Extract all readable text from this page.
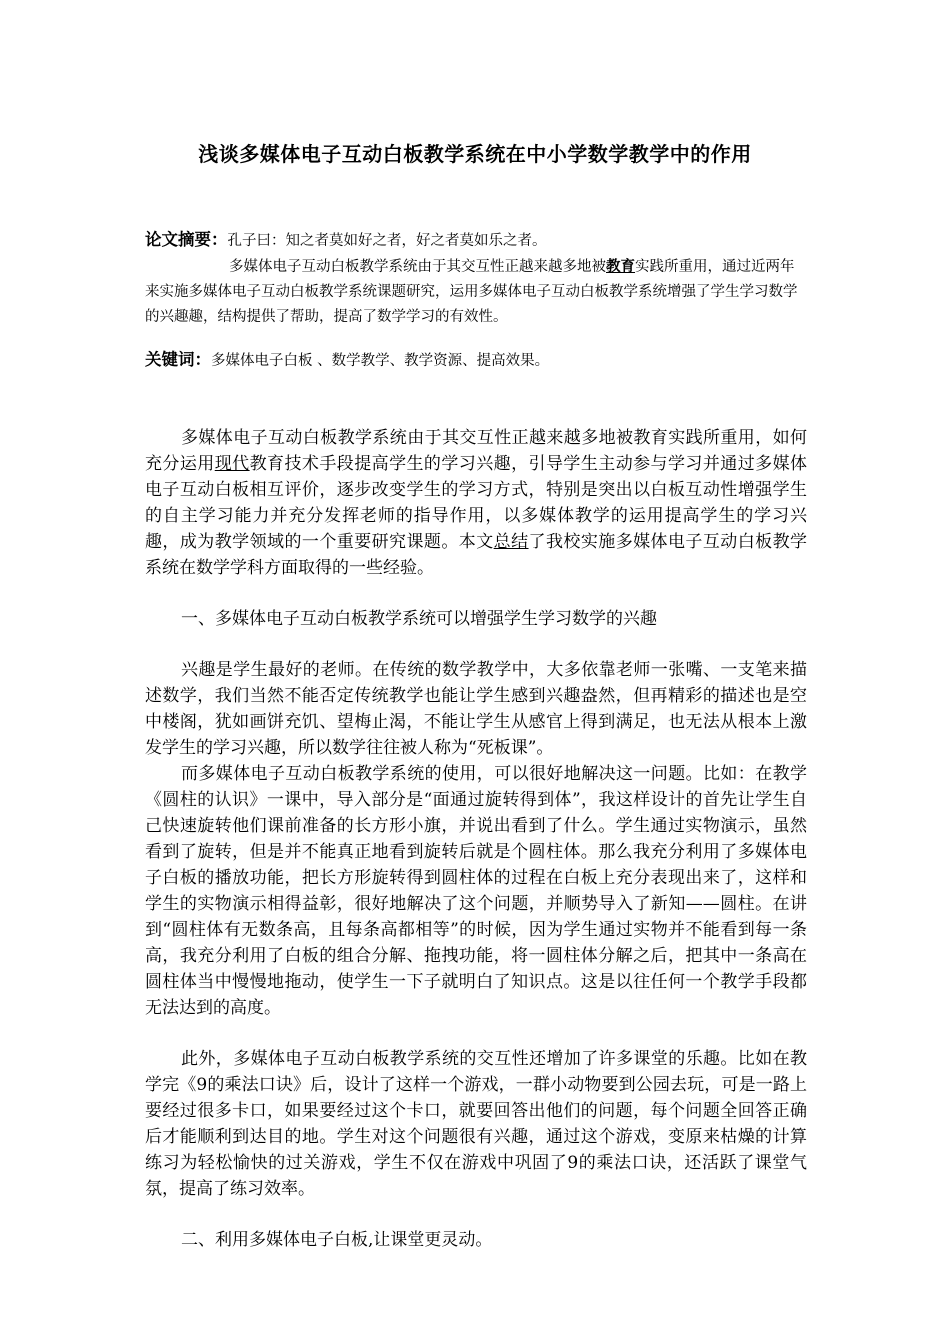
浅谈多媒体电子互动白板教学系统在中小学数学教学中的作用

论文摘要：孔子曰：知之者莫如好之者，好之者莫如乐之者。

多媒体电子互动白板教学系统由于其交互性正越来越多地被教育实践所重用，通过近两年来实施多媒体电子互动白板教学系统课题研究，运用多媒体电子互动白板教学系统增强了学生学习数学的兴趣趣，结构提供了帮助，提高了数学学习的有效性。

关键词：多媒体电子白板 、数学教学、教学资源、提高效果。

多媒体电子互动白板教学系统由于其交互性正越来越多地被教育实践所重用，如何充分运用现代教育技术手段提高学生的学习兴趣，引导学生主动参与学习并通过多媒体电子互动白板相互评价，逐步改变学生的学习方式，特别是突出以白板互动性增强学生的自主学习能力并充分发挥老师的指导作用，以多媒体教学的运用提高学生的学习兴趣，成为教学领域的一个重要研究课题。本文总结了我校实施多媒体电子互动白板教学系统在数学学科方面取得的一些经验。

一、多媒体电子互动白板教学系统可以增强学生学习数学的兴趣

兴趣是学生最好的老师。在传统的数学教学中，大多依靠老师一张嘴、一支笔来描述数学，我们当然不能否定传统教学也能让学生感到兴趣盎然，但再精彩的描述也是空中楼阁，犹如画饼充饥、望梅止渴，不能让学生从感官上得到满足，也无法从根本上激发学生的学习兴趣，所以数学往往被人称为“死板课”。

而多媒体电子互动白板教学系统的使用，可以很好地解决这一问题。比如：在教学《圆柱的认识》一课中，导入部分是“面通过旋转得到体”，我这样设计的首先让学生自己快速旋转他们课前准备的长方形小旗，并说出看到了什么。学生通过实物演示，虽然看到了旋转，但是并不能真正地看到旋转后就是个圆柱体。那么我充分利用了多媒体电子白板的播放功能，把长方形旋转得到圆柱体的过程在白板上充分表现出来了，这样和学生的实物演示相得益彰，很好地解决了这个问题，并顺势导入了新知——圆柱。在讲到“圆柱体有无数条高，且每条高都相等”的时候，因为学生通过实物并不能看到每一条高，我充分利用了白板的组合分解、拖拽功能，将一圆柱体分解之后，把其中一条高在圆柱体当中慢慢地拖动，使学生一下子就明白了知识点。这是以往任何一个教学手段都无法达到的高度。

此外，多媒体电子互动白板教学系统的交互性还增加了许多课堂的乐趣。比如在教学完《9的乘法口诀》后，设计了这样一个游戏，一群小动物要到公园去玩，可是一路上要经过很多卡口，如果要经过这个卡口，就要回答出他们的问题，每个问题全回答正确后才能顺利到达目的地。学生对这个问题很有兴趣，通过这个游戏，变原来枯燥的计算练习为轻松愉快的过关游戏，学生不仅在游戏中巩固了9的乘法口诀，还活跃了课堂气氛，提高了练习效率。

二、利用多媒体电子白板,让课堂更灵动。
